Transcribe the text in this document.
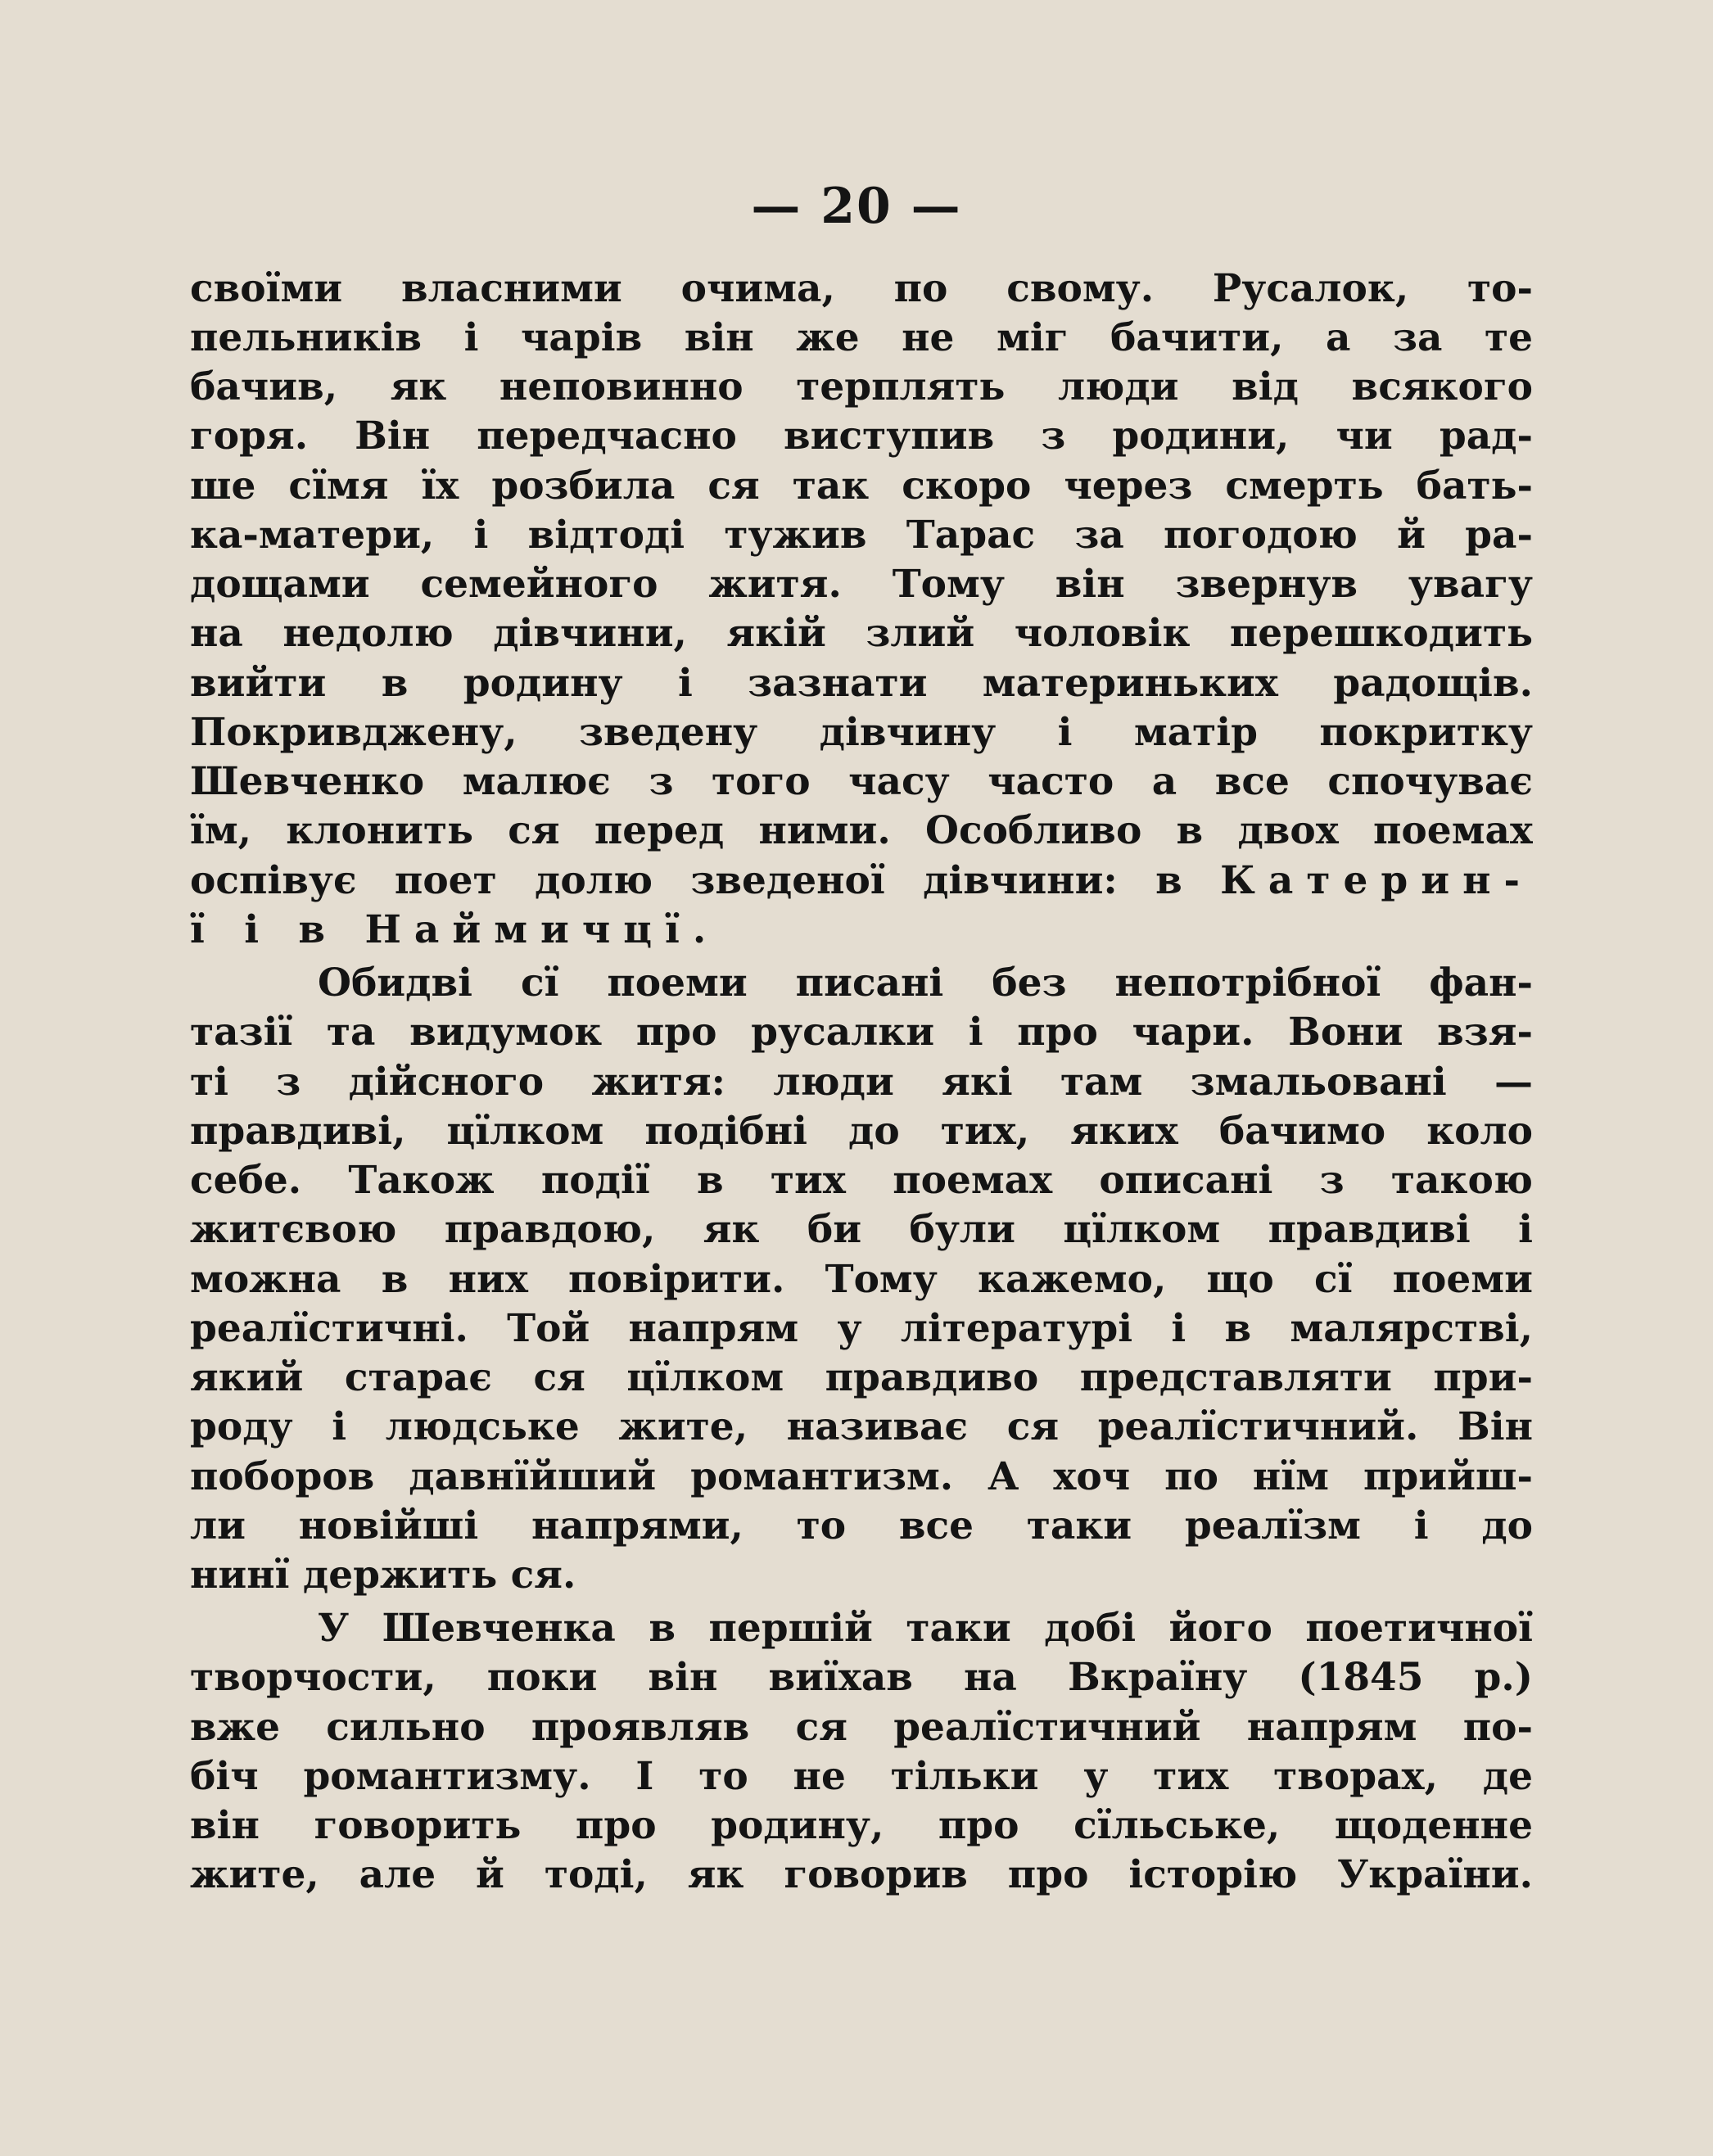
— 20 —
своїми власними очима, по свому. Русалок, то-
пельників і чарів він же не міг бачити, а за те
бачив, як неповинно терплять люди від всякого
горя. Він передчасно виступив з родини, чи рад-
ше сїмя їх розбила ся так скоро через смерть бать-
ка-матери, і відтоді тужив Тарас за погодою й ра-
дощами семейного житя. Тому він звернув увагу
на недолю дівчини, якій злий чоловік перешкодить
вийти в родину і зазнати материньких радощів.
Покривджену, зведену дівчину і матір покритку
Шевченко малює з того часу часто а все спочуває
їм, клонить ся перед ними. Особливо в двох поемах
оспівує поет долю зведеної дівчини: в Катерин-
ї і в Наймичцї.
Обидві сї поеми писані без непотрібної фан-
тазії та видумок про русалки і про чари. Вони взя-
ті з дійсного житя: люди які там змальовані —
правдиві, цїлком подібні до тих, яких бачимо коло
себе. Також події в тих поемах описані з такою
житєвою правдою, як би були цїлком правдиві і
можна в них повірити. Тому кажемо, що сї поеми
реалїстичні. Той напрям у літературі і в малярстві,
який старає ся цїлком правдиво представляти при-
роду і людське жите, називає ся реалїстичний. Він
поборов давнїйший романтизм. А хоч по нїм прийш-
ли новійші напрями, то все таки реалїзм і до
нинї держить ся.
У Шевченка в першій таки добі його поетичної
творчости, поки він виїхав на Вкраїну (1845 р.)
вже сильно проявляв ся реалїстичний напрям по-
біч романтизму. І то не тільки у тих творах, де
він говорить про родину, про сїльське, щоденне
жите, але й тоді, як говорив про історію України.
